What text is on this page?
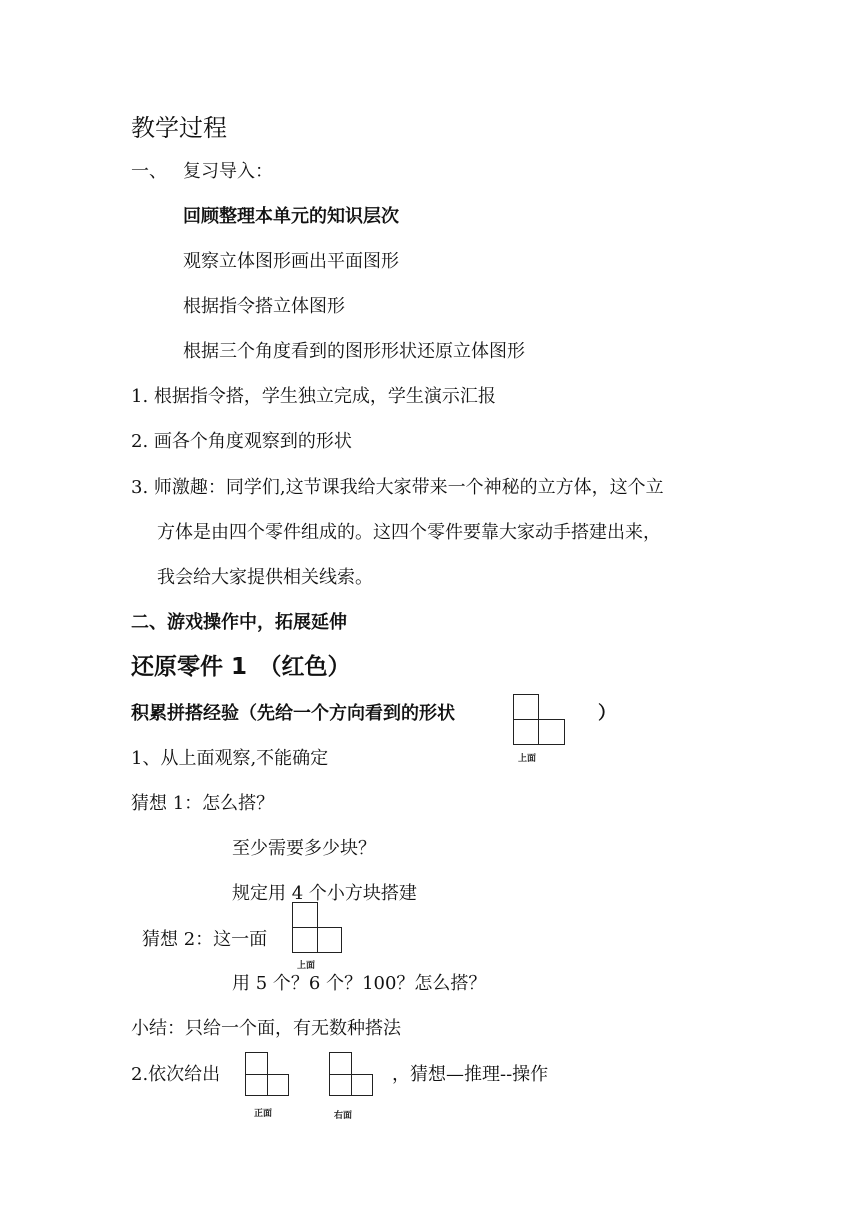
教学过程
一、 复习导入：
回顾整理本单元的知识层次
观察立体图形画出平面图形
根据指令搭立体图形
根据三个角度看到的图形形状还原立体图形
1. 根据指令搭，学生独立完成，学生演示汇报
2. 画各个角度观察到的形状
3. 师激趣：同学们,这节课我给大家带来一个神秘的立方体，这个立
方体是由四个零件组成的。这四个零件要靠大家动手搭建出来，
我会给大家提供相关线索。
二、游戏操作中，拓展延伸
还原零件 1　（红色）
积累拼搭经验（先给一个方向看到的形状
上面
）
1、从上面观察,不能确定
猜想 1：怎么搭？
至少需要多少块？
规定用 4 个小方块搭建
猜想 2：这一面
上面
用 5 个？6 个？100？怎么搭？
小结：只给一个面，有无数种搭法
2.依次给出
正面	右面
，猜想—推理--操作
